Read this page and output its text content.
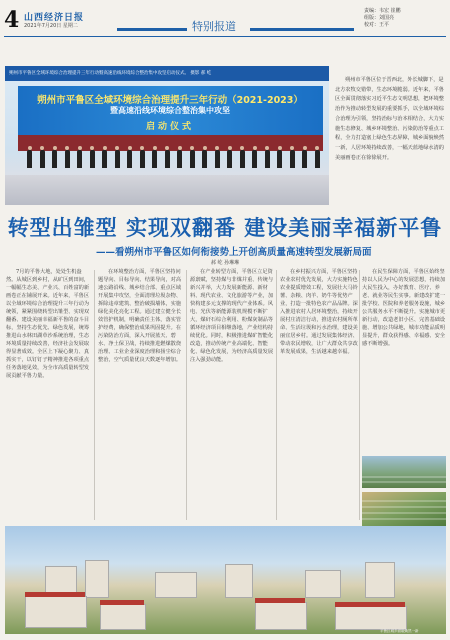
4 山西经济日报
2021年7月20日 星期二	特别报道
责编：韦宏 崔鹏
组版：刘国亮
校对：王平
朔州市平鲁区全域环境综合治理提升三年行动（2021-2023）
暨高速沿线环境综合整治集中攻坚
启动仪式
朔州市平鲁区全域环境综合治理提升三年行动暨高速沿线环境综合整治集中攻坚启动仪式。 摄影 郝 屹

朔州市平鲁区位于晋西北，外长城脚下，是北方农牧交错带，生态环境脆弱。近年来，平鲁区全面贯彻落实习近平生态文明思想，把环境整治作为推动转型发展的重要抓手，以全域环境综合治理为引领，坚持治标与治本相结合，大力实施生态修复、城乡环境整治、污染防治等重点工程，全力打造塞上绿色生态屏障，城乡面貌焕然一新，人居环境持续改善，一幅天蓝地绿水清的美丽画卷正在徐徐展开。

转型出雏型 实现双翻番 建设美丽幸福新平鲁
——看朔州市平鲁区如何衔接势上开创高质量高速转型发展新局面
郝 屹 孙琳琳

7月的平鲁大地，处处生机盎然。从城区到乡村，从矿区到田间，一幅幅生态美、产业兴、百姓富的新画卷正在铺展开来。近年来，平鲁区以全域环境综合治理提升三年行动为统领，紧紧围绕转型出雏型、实现双翻番、建设美丽幸福新平鲁的奋斗目标，坚持生态优先、绿色发展，统筹推进山水林田湖草沙系统治理，生态环境质量持续改善，经济社会发展取得显著成效。全区上下凝心聚力、真抓实干，以钉钉子精神推进各项重点任务落地见效，为全市高质量转型发展贡献平鲁力量。

在环境整治方面，平鲁区坚持问题导向、目标导向、结果导向，对高速公路沿线、城乡结合部、重点区域开展集中攻坚，全面清理垃圾杂物、拆除违章建筑、整治破损墙体，实施绿化美化亮化工程。通过建立健全长效管护机制，明确责任主体，落实管护经费，确保整治成果巩固提升。在污染防治方面，深入开展蓝天、碧水、净土保卫战，持续推进燃煤散烧治理、工业企业深度治理和扬尘综合整治，空气质量优良天数逐年增加。

在产业转型方面，平鲁区立足资源禀赋，坚持煤与非煤并重、传统与新兴并举，大力发展新能源、新材料、现代农业、文化旅游等产业，加快构建多元支撑的现代产业体系。风电、光伏等新能源装机规模不断扩大，煤矸石综合利用、粉煤灰制品等循环经济项目相继落地，产业结构持续优化。同时，积极推进煤矿智能化改造，推动传统产业高端化、智能化、绿色化发展，为经济高质量发展注入强劲动能。

在乡村振兴方面，平鲁区坚持农业农村优先发展，大力实施特色农业提质增效工程，发展壮大马铃薯、杂粮、肉羊、奶牛等优势产业，打造一批特色农产品品牌。深入推进农村人居环境整治，持续开展村庄清洁行动，推进农村厕所革命、生活垃圾和污水治理，建设美丽宜居乡村。通过发展集体经济、带动农民增收，让广大群众共享改革发展成果，生活越来越幸福。

在民生保障方面，平鲁区始终坚持以人民为中心的发展思想，持续加大民生投入，办好教育、医疗、养老、就业等民生实事。新建改扩建一批学校、医院和养老服务设施，城乡公共服务水平不断提升。实施城市更新行动，改造老旧小区、完善基础设施、增加公共绿地，城市功能品质明显提升，群众获得感、幸福感、安全感不断增强。

平鲁区城乡面貌焕然一新
